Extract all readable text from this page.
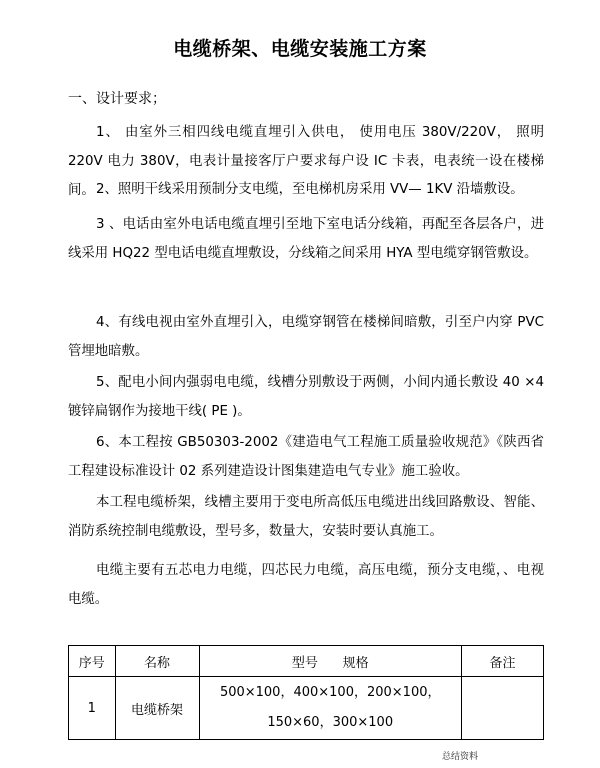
电缆桥架、电缆安装施工方案
一、设计要求；
1、 由室外三相四线电缆直埋引入供电， 使用电压 380V/220V， 照明 220V 电力 380V，电表计量接客厅户要求每户设 IC 卡表，电表统一设在楼梯间。 2、照明干线采用预制分支电缆，至电梯机房采用 VV— 1KV 沿墙敷设。
3 、电话由室外电话电缆直埋引至地下室电话分线箱，再配至各层各户，进线采用 HQ22 型电话电缆直埋敷设，分线箱之间采用 HYA 型电缆穿钢管敷设。
4、有线电视由室外直埋引入，电缆穿钢管在楼梯间暗敷，引至户内穿 PVC 管埋地暗敷。
5、配电小间内强弱电电缆，线槽分别敷设于两侧，小间内通长敷设 40 ×4 镀锌扁钢作为接地干线( PE )。
6、本工程按 GB50303-2002《建造电气工程施工质量验收规范》《陕西省工程建设标准设计 02 系列建造设计图集建造电气专业》施工验收。
本工程电缆桥架，线槽主要用于变电所高低压电缆进出线回路敷设、智能、消防系统控制电缆敷设，型号多，数量大，安装时要认真施工。
电缆主要有五芯电力电缆，四芯民力电缆，高压电缆，预分支电缆，、电视电缆。
序号	名称	型号      规格	备注
1	电缆桥架	500×100，400×100，200×100，
150×60，300×100	

总结资料
